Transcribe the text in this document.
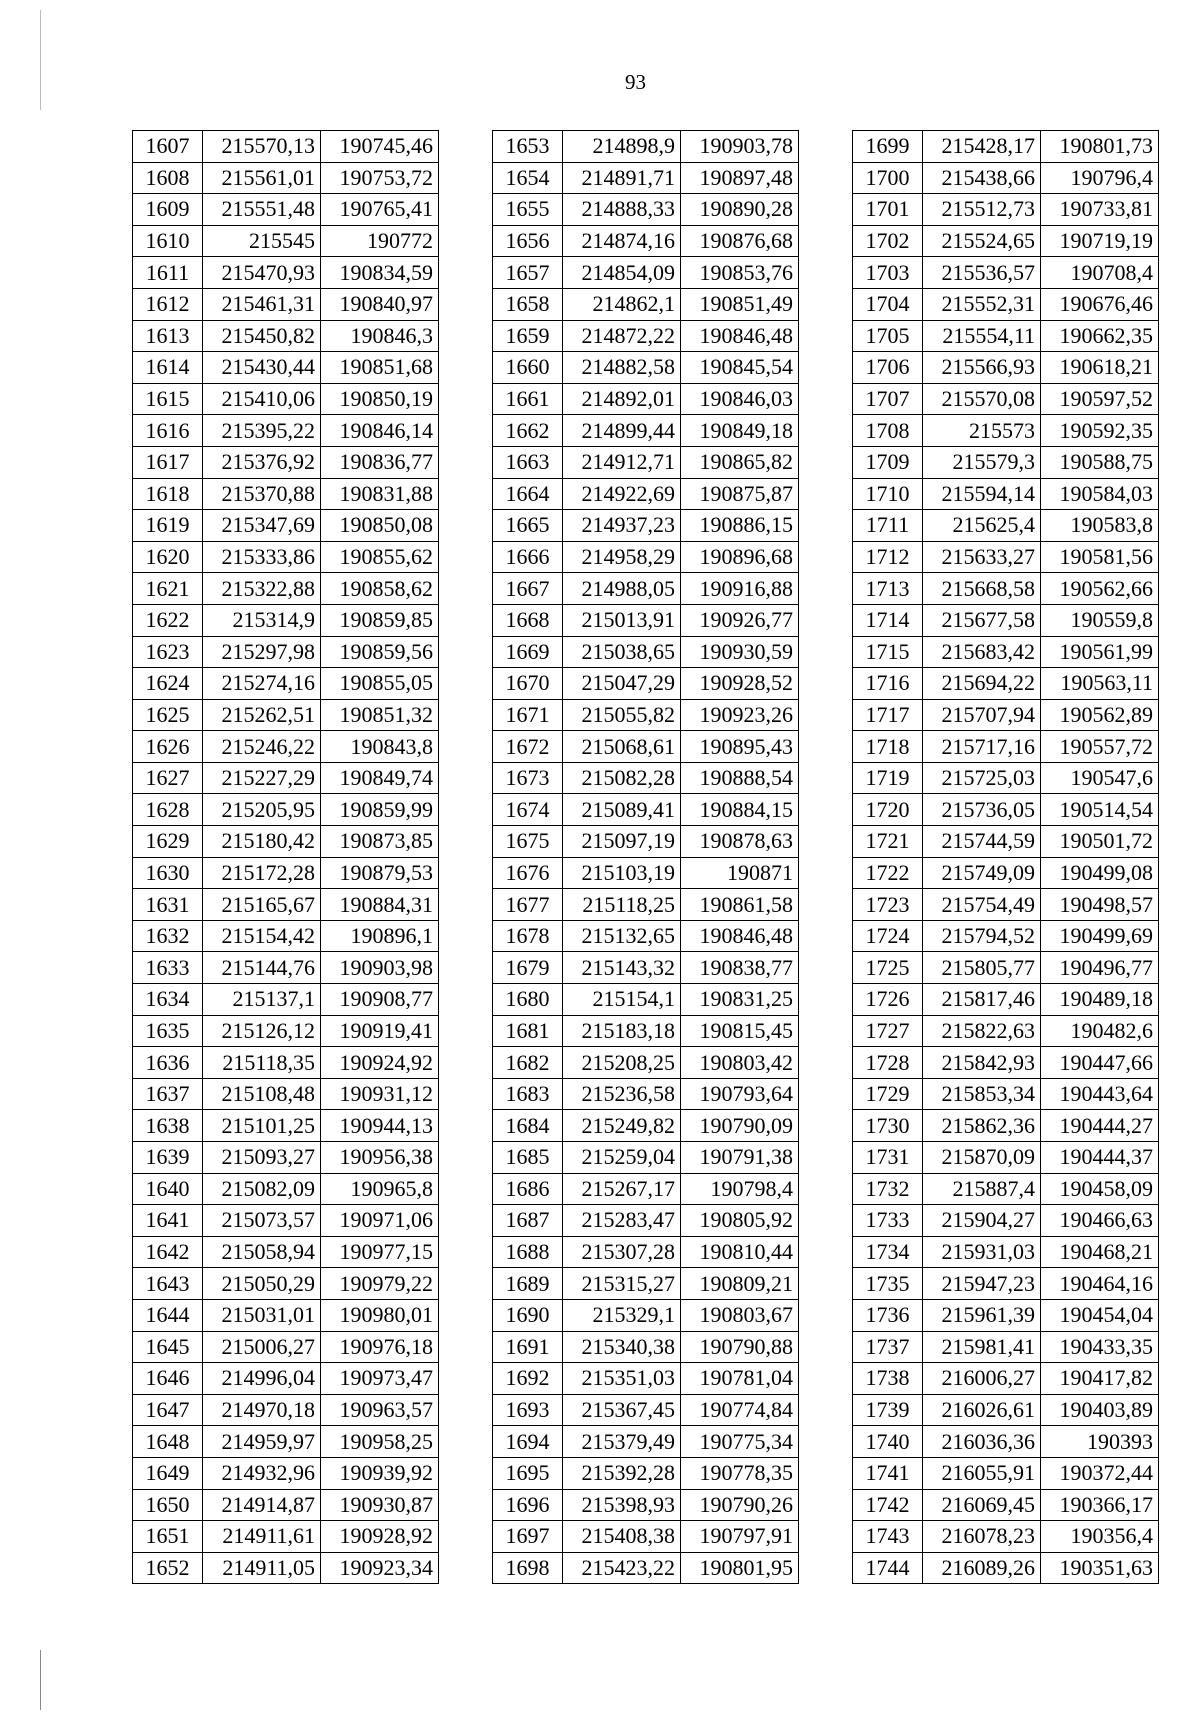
93
1607	215570,13	190745,46
1608	215561,01	190753,72
1609	215551,48	190765,41
1610	215545	190772
1611	215470,93	190834,59
1612	215461,31	190840,97
1613	215450,82	190846,3
1614	215430,44	190851,68
1615	215410,06	190850,19
1616	215395,22	190846,14
1617	215376,92	190836,77
1618	215370,88	190831,88
1619	215347,69	190850,08
1620	215333,86	190855,62
1621	215322,88	190858,62
1622	215314,9	190859,85
1623	215297,98	190859,56
1624	215274,16	190855,05
1625	215262,51	190851,32
1626	215246,22	190843,8
1627	215227,29	190849,74
1628	215205,95	190859,99
1629	215180,42	190873,85
1630	215172,28	190879,53
1631	215165,67	190884,31
1632	215154,42	190896,1
1633	215144,76	190903,98
1634	215137,1	190908,77
1635	215126,12	190919,41
1636	215118,35	190924,92
1637	215108,48	190931,12
1638	215101,25	190944,13
1639	215093,27	190956,38
1640	215082,09	190965,8
1641	215073,57	190971,06
1642	215058,94	190977,15
1643	215050,29	190979,22
1644	215031,01	190980,01
1645	215006,27	190976,18
1646	214996,04	190973,47
1647	214970,18	190963,57
1648	214959,97	190958,25
1649	214932,96	190939,92
1650	214914,87	190930,87
1651	214911,61	190928,92
1652	214911,05	190923,34
1653	214898,9	190903,78
1654	214891,71	190897,48
1655	214888,33	190890,28
1656	214874,16	190876,68
1657	214854,09	190853,76
1658	214862,1	190851,49
1659	214872,22	190846,48
1660	214882,58	190845,54
1661	214892,01	190846,03
1662	214899,44	190849,18
1663	214912,71	190865,82
1664	214922,69	190875,87
1665	214937,23	190886,15
1666	214958,29	190896,68
1667	214988,05	190916,88
1668	215013,91	190926,77
1669	215038,65	190930,59
1670	215047,29	190928,52
1671	215055,82	190923,26
1672	215068,61	190895,43
1673	215082,28	190888,54
1674	215089,41	190884,15
1675	215097,19	190878,63
1676	215103,19	190871
1677	215118,25	190861,58
1678	215132,65	190846,48
1679	215143,32	190838,77
1680	215154,1	190831,25
1681	215183,18	190815,45
1682	215208,25	190803,42
1683	215236,58	190793,64
1684	215249,82	190790,09
1685	215259,04	190791,38
1686	215267,17	190798,4
1687	215283,47	190805,92
1688	215307,28	190810,44
1689	215315,27	190809,21
1690	215329,1	190803,67
1691	215340,38	190790,88
1692	215351,03	190781,04
1693	215367,45	190774,84
1694	215379,49	190775,34
1695	215392,28	190778,35
1696	215398,93	190790,26
1697	215408,38	190797,91
1698	215423,22	190801,95
1699	215428,17	190801,73
1700	215438,66	190796,4
1701	215512,73	190733,81
1702	215524,65	190719,19
1703	215536,57	190708,4
1704	215552,31	190676,46
1705	215554,11	190662,35
1706	215566,93	190618,21
1707	215570,08	190597,52
1708	215573	190592,35
1709	215579,3	190588,75
1710	215594,14	190584,03
1711	215625,4	190583,8
1712	215633,27	190581,56
1713	215668,58	190562,66
1714	215677,58	190559,8
1715	215683,42	190561,99
1716	215694,22	190563,11
1717	215707,94	190562,89
1718	215717,16	190557,72
1719	215725,03	190547,6
1720	215736,05	190514,54
1721	215744,59	190501,72
1722	215749,09	190499,08
1723	215754,49	190498,57
1724	215794,52	190499,69
1725	215805,77	190496,77
1726	215817,46	190489,18
1727	215822,63	190482,6
1728	215842,93	190447,66
1729	215853,34	190443,64
1730	215862,36	190444,27
1731	215870,09	190444,37
1732	215887,4	190458,09
1733	215904,27	190466,63
1734	215931,03	190468,21
1735	215947,23	190464,16
1736	215961,39	190454,04
1737	215981,41	190433,35
1738	216006,27	190417,82
1739	216026,61	190403,89
1740	216036,36	190393
1741	216055,91	190372,44
1742	216069,45	190366,17
1743	216078,23	190356,4
1744	216089,26	190351,63
